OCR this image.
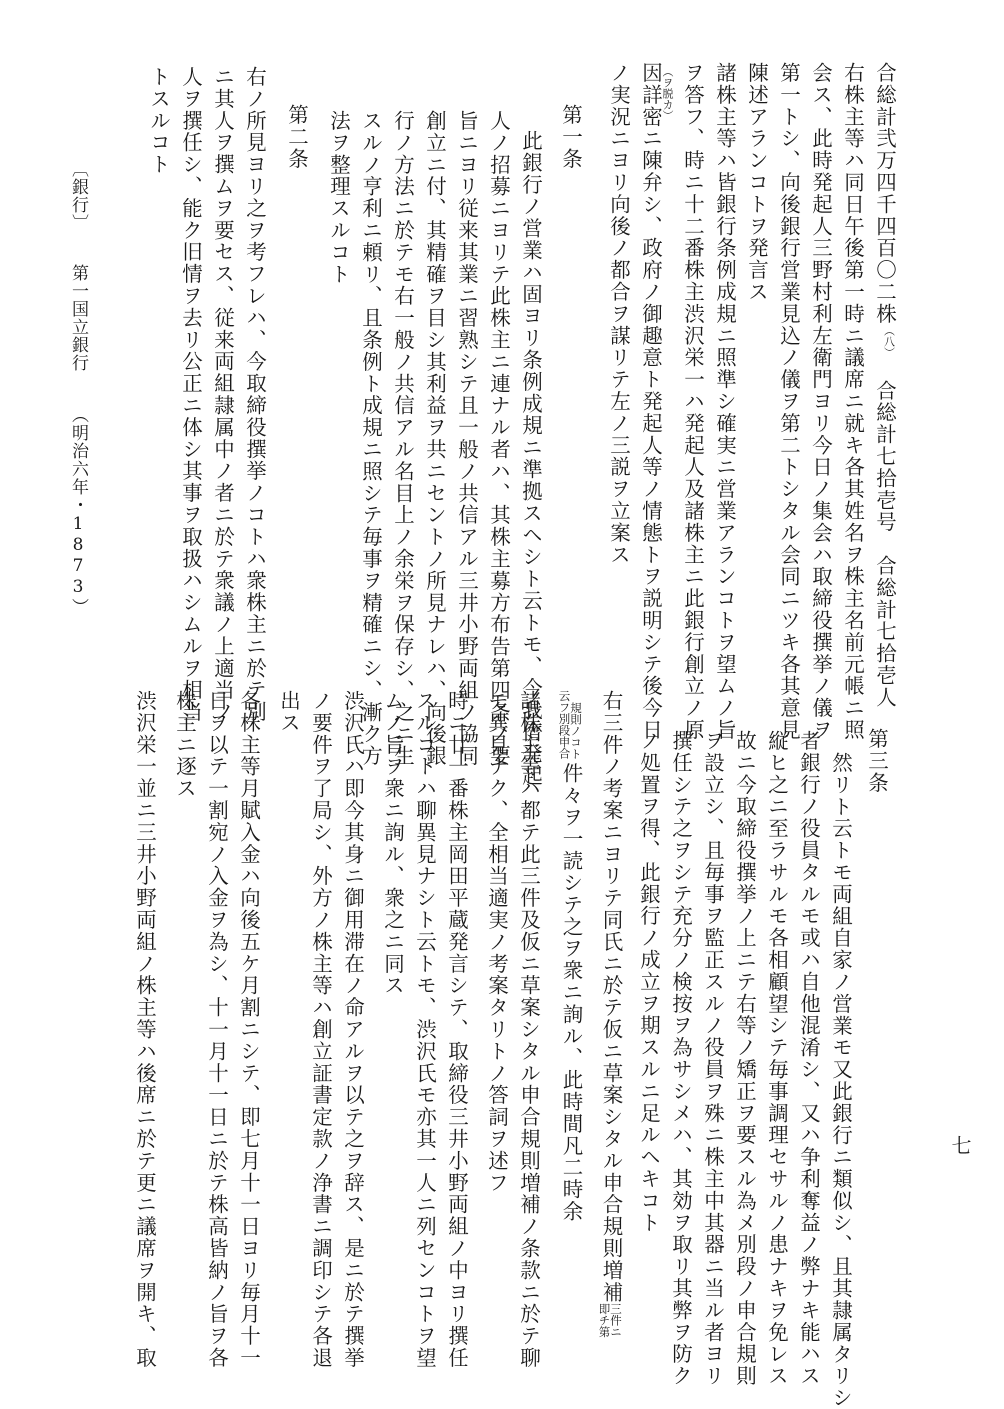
七
合総計弐万四千四百〇二株（八）　合総計七拾壱号　合総計七拾壱人
右株主等ハ同日午後第一時ニ議席ニ就キ各其姓名ヲ株主名前元帳ニ照
会ス、此時発起人三野村利左衛門ヨリ今日ノ集会ハ取締役撰挙ノ儀ヲ
第一トシ、向後銀行営業見込ノ儀ヲ第二トシタル会同ニツキ各其意見
陳述アランコトヲ発言ス
諸株主等ハ皆銀行条例成規ニ照準シ確実ニ営業アランコトヲ望ムノ旨
ヲ答フ、時ニ十二番株主渋沢栄一ハ発起人及諸株主ニ此銀行創立ノ原
（ヲ脱カ）
因詳密ニ陳弁シ、政府ノ御趣意ト発起人等ノ情態トヲ説明シテ後今日
ノ実況ニヨリ向後ノ都合ヲ謀リテ左ノ三説ヲ立案ス
第一条
此銀行ノ営業ハ固ヨリ条例成規ニ準拠スヘシト云トモ、今我儕発起
人ノ招募ニヨリテ此株主ニ連ナル者ハ、其株主募方布告第四条ノ要
旨ニヨリ従来其業ニ習熟シテ且一般ノ共信アル三井小野両組ノ協同
創立ニ付、其精確ヲ目シ其利益ヲ共ニセントノ所見ナレハ、向後銀
行ノ方法ニ於テモ右一般ノ共信アル名目上ノ余栄ヲ保存シ、之ニ生
スルノ亨利ニ頼リ、且条例ト成規ニ照シテ毎事ヲ精確ニシ、漸ク方
法ヲ整理スルコト
第二条
右ノ所見ヨリ之ヲ考フレハ、今取締役撰挙ノコトハ衆株主ニ於テ別
ニ其人ヲ撰ムヲ要セス、従来両組隷属中ノ者ニ於テ衆議ノ上適当ノ
人ヲ撰任シ、能ク旧情ヲ去リ公正ニ体シ其事ヲ取扱ハシムルヲ相当
トスルコト
〔銀行〕第一国立銀行（明治六年・1873）
第三条
然リト云トモ両組自家ノ営業モ又此銀行ニ類似シ、且其隷属タリシ
者銀行ノ役員タルモ或ハ自他混淆シ、又ハ争利奪益ノ弊ナキ能ハス
縦ヒ之ニ至ラサルモ各相顧望シテ毎事調理セサルノ患ナキヲ免レス
故ニ今取締役撰挙ノ上ニテ右等ノ矯正ヲ要スル為メ別段ノ申合規則
ヲ設立シ、且毎事ヲ監正スルノ役員ヲ殊ニ株主中其器ニ当ル者ヨリ
撰任シテ之ヲシテ充分ノ検按ヲ為サシメハ、其効ヲ取リ其弊ヲ防ク
ノ処置ヲ得、此銀行ノ成立ヲ期スルニ足ルヘキコト
右三件ノ考案ニヨリテ同氏ニ於テ仮ニ草案シタル申合規則増補即チ第三件ニ
云フ別段申合規則ノコト件々ヲ一読シテ之ヲ衆ニ詢ル、此時間凡二時余
諸株主等ハ都テ此三件及仮ニ草案シタル申合規則増補ノ条款ニ於テ聊
モ異見ナク、全相当適実ノ考案タリトノ答詞ヲ述フ
時ニ廿一番株主岡田平蔵発言シテ、取締役三井小野両組ノ中ヨリ撰任
スルコトハ聊異見ナシト云トモ、渋沢氏モ亦其一人ニ列センコトヲ望
ムノ旨ヲ衆ニ詢ル、衆之ニ同ス
渋沢氏ハ即今其身ニ御用滞在ノ命アルヲ以テ之ヲ辞ス、是ニ於テ撰挙
ノ要件ヲ了局シ、外方ノ株主等ハ創立証書定款ノ浄書ニ調印シテ各退
出ス
各株主等月賦入金ハ向後五ケ月割ニシテ、即七月十一日ヨリ毎月十一
日ヲ以テ一割宛ノ入金ヲ為シ、十一月十一日ニ於テ株高皆納ノ旨ヲ各
株主ニ逐ス
渋沢栄一並ニ三井小野両組ノ株主等ハ後席ニ於テ更ニ議席ヲ開キ、取
